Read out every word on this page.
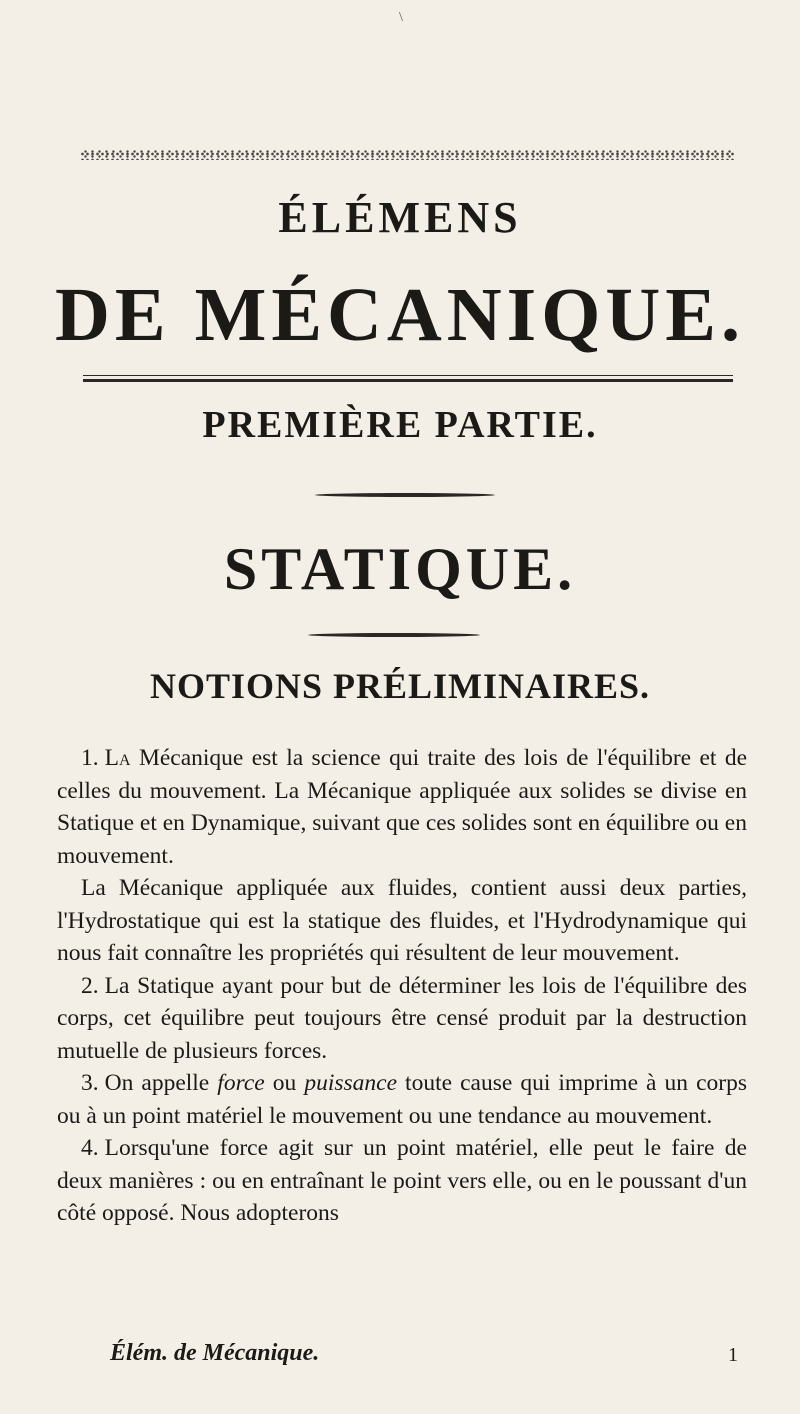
\
ÉLÉMENS
DE MÉCANIQUE.
PREMIÈRE PARTIE.
STATIQUE.
NOTIONS PRÉLIMINAIRES.

1. La Mécanique est la science qui traite des lois de l'équilibre et de celles du mouvement. La Mécanique appliquée aux solides se divise en Statique et en Dynamique, suivant que ces solides sont en équilibre ou en mouvement.

La Mécanique appliquée aux fluides, contient aussi deux parties, l'Hydrostatique qui est la statique des fluides, et l'Hydrodynamique qui nous fait connaître les propriétés qui résultent de leur mouvement.

2. La Statique ayant pour but de déterminer les lois de l'équilibre des corps, cet équilibre peut toujours être censé produit par la destruction mutuelle de plusieurs forces.

3. On appelle force ou puissance toute cause qui imprime à un corps ou à un point matériel le mouvement ou une tendance au mouvement.

4. Lorsqu'une force agit sur un point matériel, elle peut le faire de deux manières : ou en entraînant le point vers elle, ou en le poussant d'un côté opposé. Nous adopterons

Élém. de Mécanique.	1
